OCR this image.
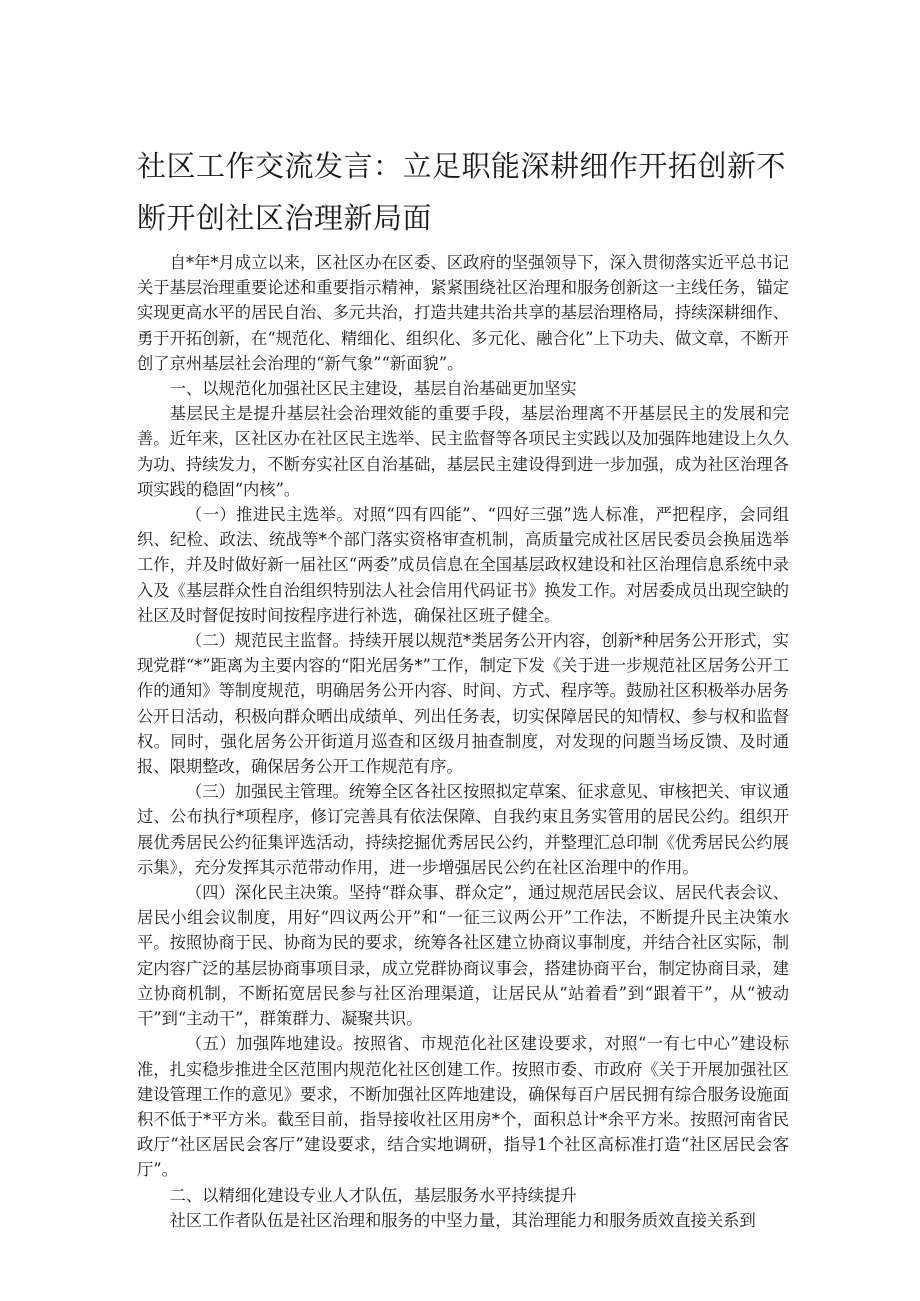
社区工作交流发言：立足职能深耕细作开拓创新不断开创社区治理新局面

自*年*月成立以来，区社区办在区委、区政府的坚强领导下，深入贯彻落实近平总书记关于基层治理重要论述和重要指示精神，紧紧围绕社区治理和服务创新这一主线任务，锚定实现更高水平的居民自治、多元共治，打造共建共治共享的基层治理格局，持续深耕细作、勇于开拓创新，在“规范化、精细化、组织化、多元化、融合化”上下功夫、做文章，不断开创了京州基层社会治理的“新气象”“新面貌”。

一、以规范化加强社区民主建设，基层自治基础更加坚实

基层民主是提升基层社会治理效能的重要手段，基层治理离不开基层民主的发展和完善。近年来，区社区办在社区民主选举、民主监督等各项民主实践以及加强阵地建设上久久为功、持续发力，不断夯实社区自治基础，基层民主建设得到进一步加强，成为社区治理各项实践的稳固“内核”。

（一）推进民主选举。对照“四有四能”、“四好三强”选人标准，严把程序，会同组织、纪检、政法、统战等*个部门落实资格审查机制，高质量完成社区居民委员会换届选举工作，并及时做好新一届社区“两委”成员信息在全国基层政权建设和社区治理信息系统中录入及《基层群众性自治组织特别法人社会信用代码证书》换发工作。对居委成员出现空缺的社区及时督促按时间按程序进行补选，确保社区班子健全。

（二）规范民主监督。持续开展以规范*类居务公开内容，创新*种居务公开形式，实现党群“*”距离为主要内容的“阳光居务*”工作，制定下发《关于进一步规范社区居务公开工作的通知》等制度规范，明确居务公开内容、时间、方式、程序等。鼓励社区积极举办居务公开日活动，积极向群众晒出成绩单、列出任务表，切实保障居民的知情权、参与权和监督权。同时，强化居务公开街道月巡查和区级月抽查制度，对发现的问题当场反馈、及时通报、限期整改，确保居务公开工作规范有序。

（三）加强民主管理。统筹全区各社区按照拟定草案、征求意见、审核把关、审议通过、公布执行*项程序，修订完善具有依法保障、自我约束且务实管用的居民公约。组织开展优秀居民公约征集评选活动，持续挖掘优秀居民公约，并整理汇总印制《优秀居民公约展示集》，充分发挥其示范带动作用，进一步增强居民公约在社区治理中的作用。

（四）深化民主决策。坚持“群众事、群众定”，通过规范居民会议、居民代表会议、居民小组会议制度，用好“四议两公开”和“一征三议两公开”工作法，不断提升民主决策水平。按照协商于民、协商为民的要求，统筹各社区建立协商议事制度，并结合社区实际，制定内容广泛的基层协商事项目录，成立党群协商议事会，搭建协商平台，制定协商目录，建立协商机制，不断拓宽居民参与社区治理渠道，让居民从“站着看”到“跟着干”，从“被动干”到“主动干”，群策群力、凝聚共识。

（五）加强阵地建设。按照省、市规范化社区建设要求，对照“一有七中心”建设标准，扎实稳步推进全区范围内规范化社区创建工作。按照市委、市政府《关于开展加强社区建设管理工作的意见》要求，不断加强社区阵地建设，确保每百户居民拥有综合服务设施面积不低于*平方米。截至目前，指导接收社区用房*个，面积总计*余平方米。按照河南省民政厅“社区居民会客厅”建设要求，结合实地调研，指导1个社区高标准打造“社区居民会客厅”。

二、以精细化建设专业人才队伍，基层服务水平持续提升

社区工作者队伍是社区治理和服务的中坚力量，其治理能力和服务质效直接关系到
